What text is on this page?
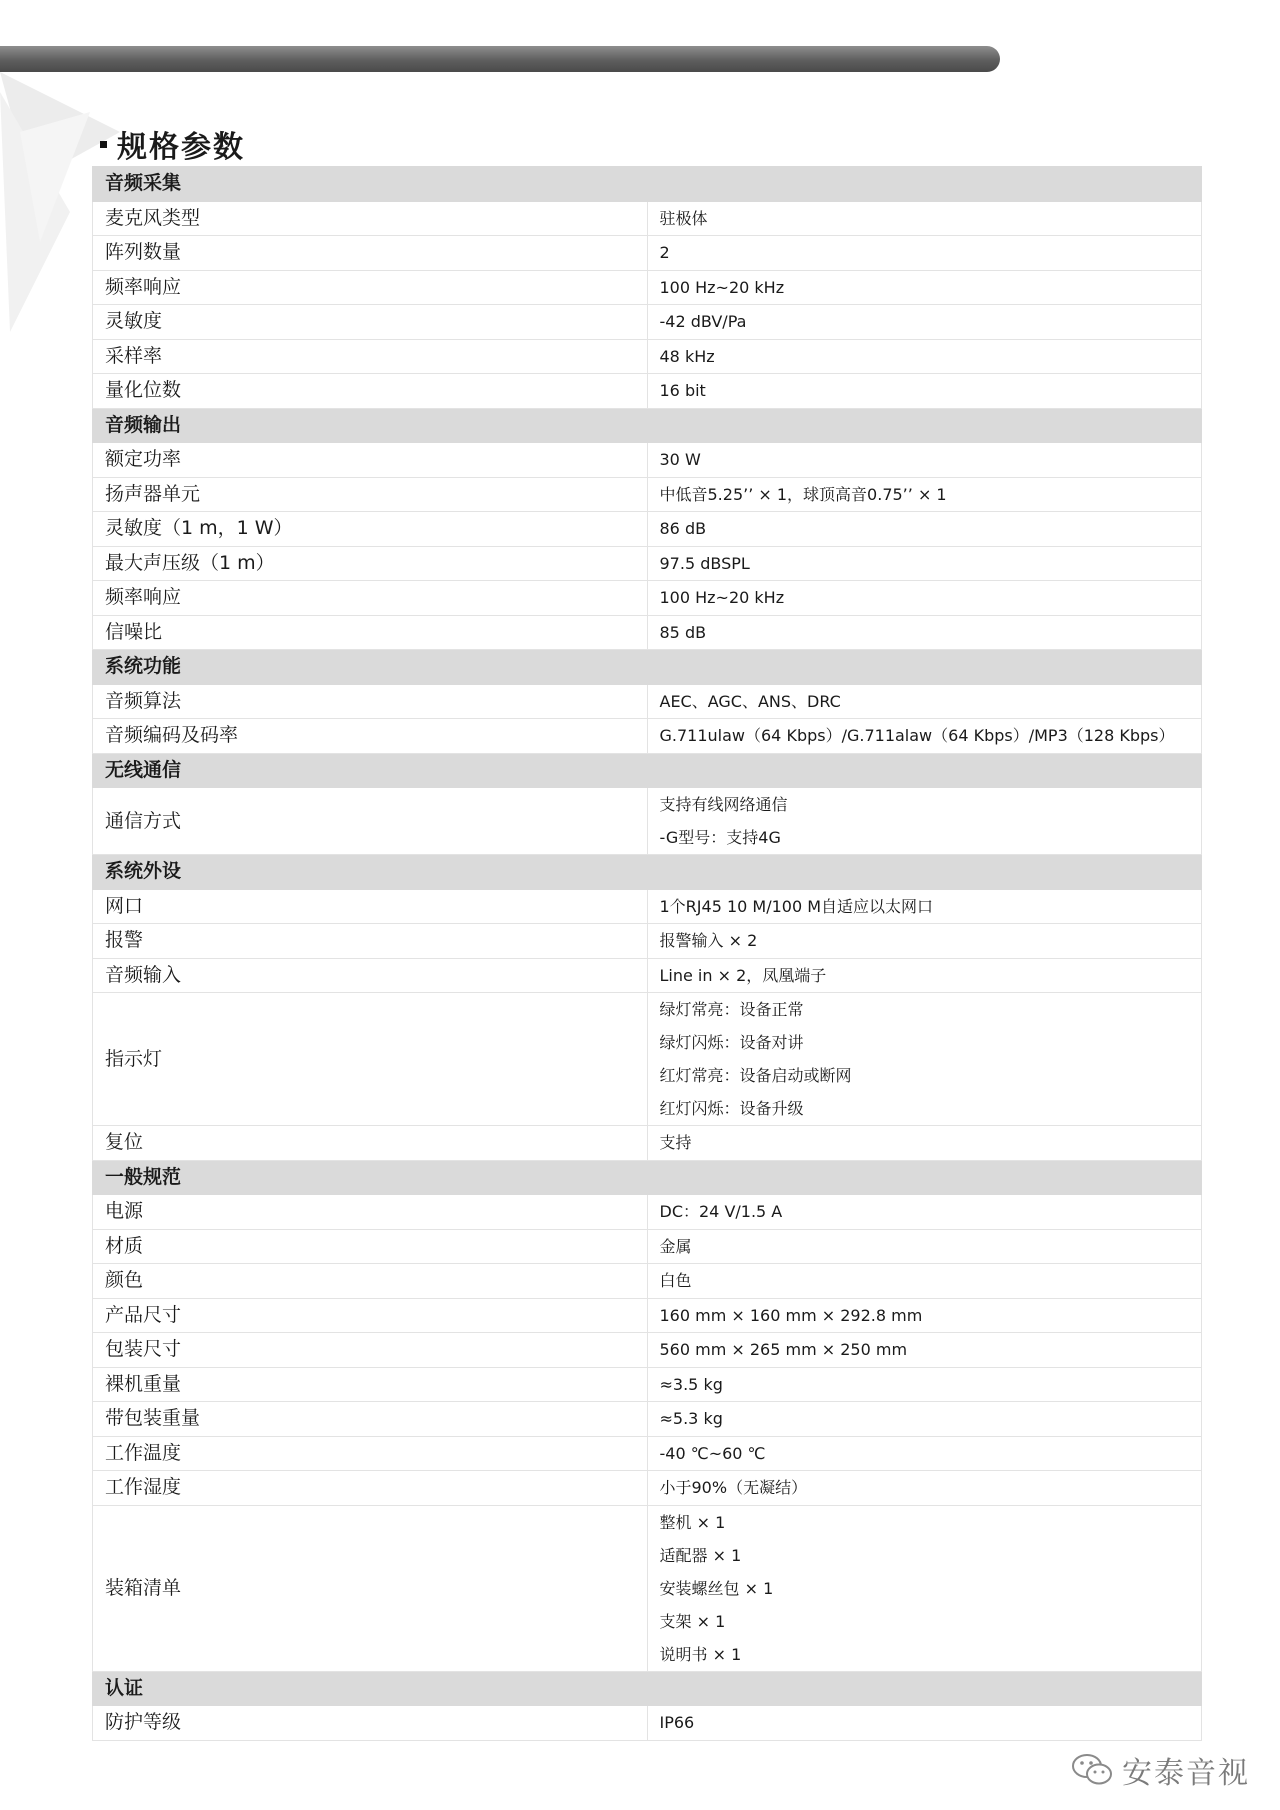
规格参数
音频采集	
麦克风类型	驻极体
阵列数量	2
频率响应	100 Hz~20 kHz
灵敏度	-42 dBV/Pa
采样率	48 kHz
量化位数	16 bit
音频输出	
额定功率	30 W
扬声器单元	中低音5.25’’ × 1，球顶高音0.75’’ × 1
灵敏度（1 m，1 W）	86 dB
最大声压级（1 m）	97.5 dBSPL
频率响应	100 Hz~20 kHz
信噪比	85 dB
系统功能	
音频算法	AEC、AGC、ANS、DRC
音频编码及码率	G.711ulaw（64 Kbps）/G.711alaw（64 Kbps）/MP3（128 Kbps）
无线通信	
通信方式	支持有线网络通信
-G型号：支持4G

系统外设	
网口	1个RJ45 10 M/100 M自适应以太网口
报警	报警输入 × 2
音频输入	Line in × 2，凤凰端子
指示灯	绿灯常亮：设备正常
绿灯闪烁：设备对讲
红灯常亮：设备启动或断网
红灯闪烁：设备升级

复位	支持
一般规范	
电源	DC：24 V/1.5 A
材质	金属
颜色	白色
产品尺寸	160 mm × 160 mm × 292.8 mm
包装尺寸	560 mm × 265 mm × 250 mm
裸机重量	≈3.5 kg
带包装重量	≈5.3 kg
工作温度	-40 ℃~60 ℃
工作湿度	小于90%（无凝结）
装箱清单	整机 × 1
适配器 × 1
安装螺丝包 × 1
支架 × 1
说明书 × 1

认证	
防护等级	IP66
安泰音视
